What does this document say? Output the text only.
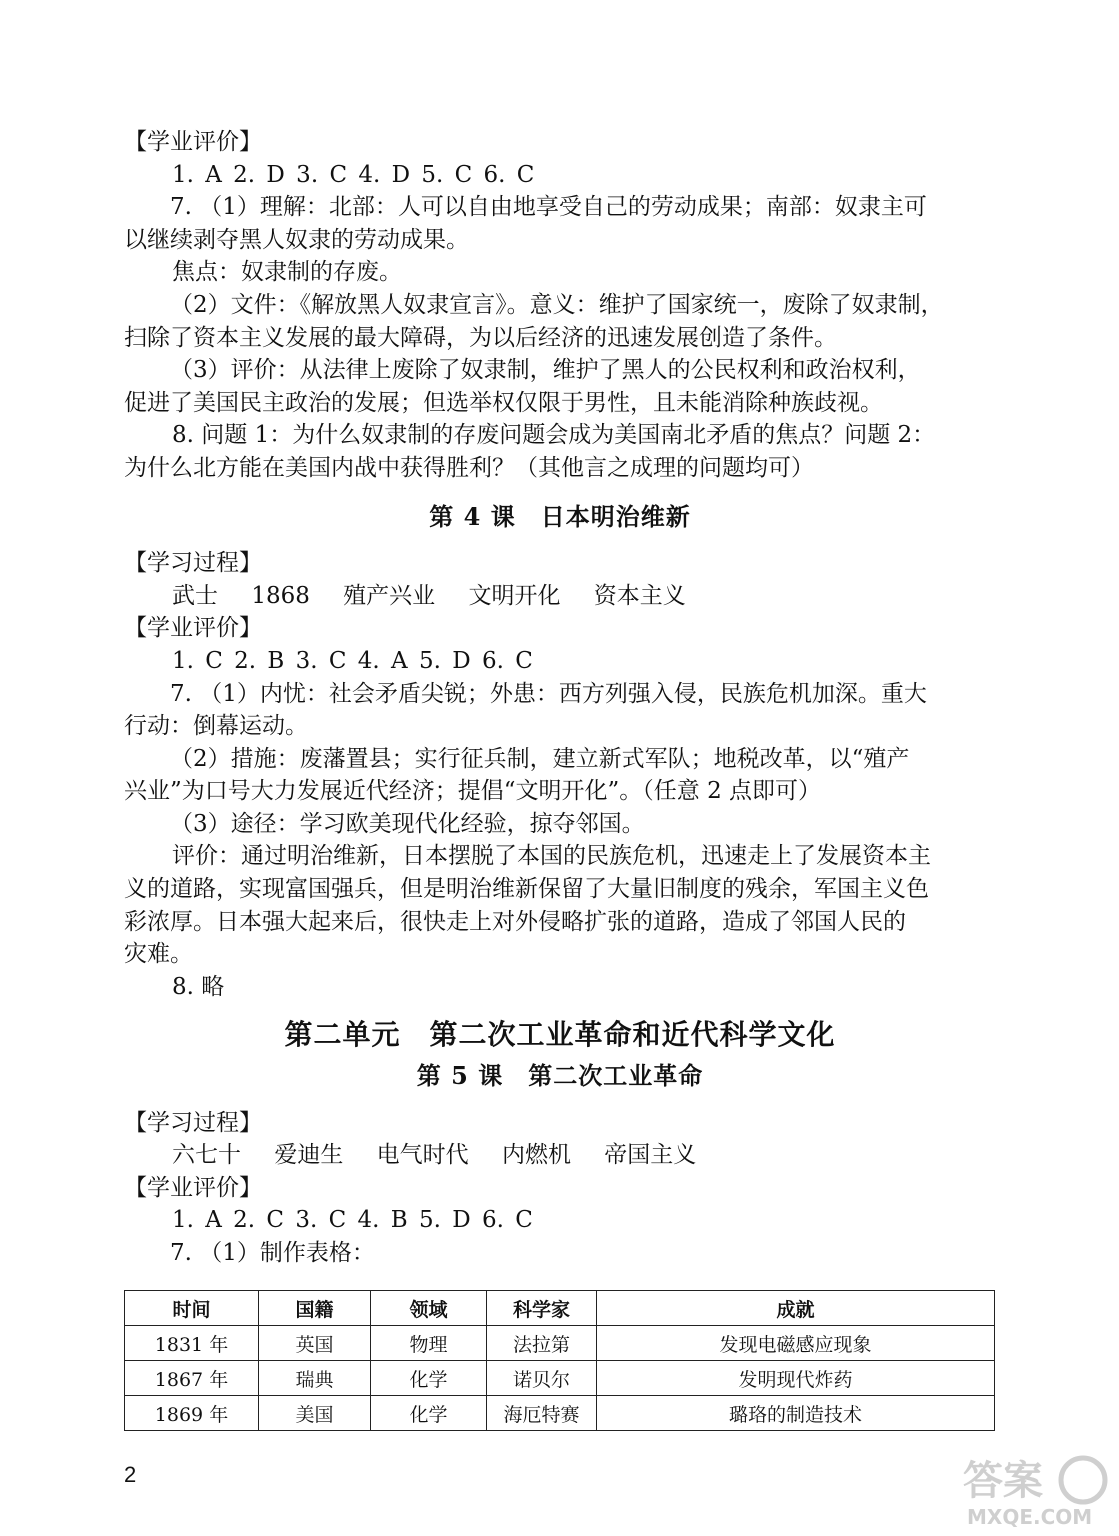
【学业评价】
1. A 2. D 3. C 4. D 5. C 6. C
7. （1）理解：北部：人可以自由地享受自己的劳动成果；南部：奴隶主可
以继续剥夺黑人奴隶的劳动成果。
焦点：奴隶制的存废。
（2）文件：《解放黑人奴隶宣言》。意义：维护了国家统一，废除了奴隶制，
扫除了资本主义发展的最大障碍，为以后经济的迅速发展创造了条件。
（3）评价：从法律上废除了奴隶制，维护了黑人的公民权利和政治权利，
促进了美国民主政治的发展；但选举权仅限于男性，且未能消除种族歧视。
8. 问题 1：为什么奴隶制的存废问题会成为美国南北矛盾的焦点？问题 2：
为什么北方能在美国内战中获得胜利？（其他言之成理的问题均可）
第 4 课　日本明治维新
【学习过程】
武士 1868 殖产兴业 文明开化 资本主义
【学业评价】
1. C 2. B 3. C 4. A 5. D 6. C
7. （1）内忧：社会矛盾尖锐；外患：西方列强入侵，民族危机加深。重大
行动：倒幕运动。
（2）措施：废藩置县；实行征兵制，建立新式军队；地税改革，以“殖产
兴业”为口号大力发展近代经济；提倡“文明开化”。（任意 2 点即可）
（3）途径：学习欧美现代化经验，掠夺邻国。
评价：通过明治维新，日本摆脱了本国的民族危机，迅速走上了发展资本主
义的道路，实现富国强兵，但是明治维新保留了大量旧制度的残余，军国主义色
彩浓厚。日本强大起来后，很快走上对外侵略扩张的道路，造成了邻国人民的
灾难。
8. 略
第二单元　第二次工业革命和近代科学文化
第 5 课　第二次工业革命
【学习过程】
六七十 爱迪生 电气时代 内燃机 帝国主义
【学业评价】
1. A 2. C 3. C 4. B 5. D 6. C
7. （1）制作表格：
时间	国籍	领域	科学家	成就
1831 年	英国	物理	法拉第	发现电磁感应现象
1867 年	瑞典	化学	诺贝尔	发明现代炸药
1869 年	美国	化学	海厄特赛	璐珞的制造技术
2	答案
MXQE.COM
